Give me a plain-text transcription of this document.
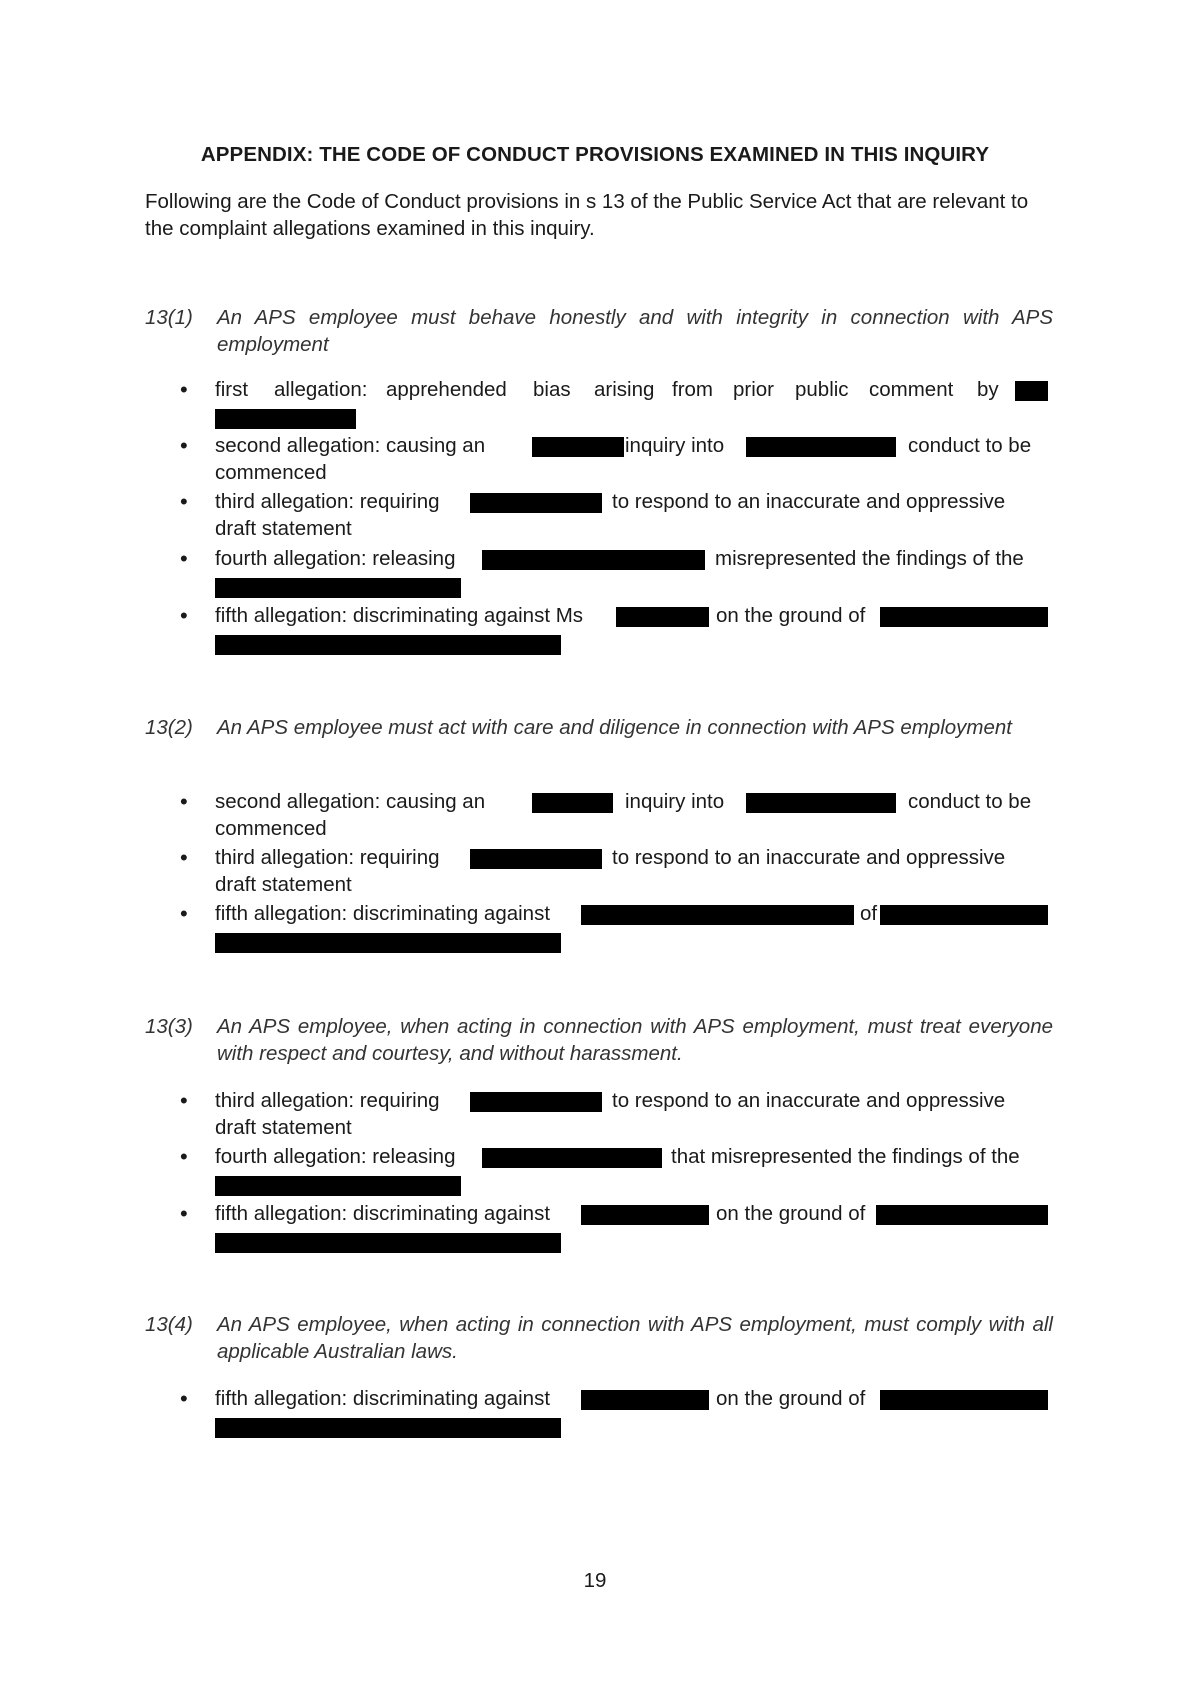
APPENDIX: THE CODE OF CONDUCT PROVISIONS EXAMINED IN THIS INQUIRY
Following are the Code of Conduct provisions in s 13 of the Public Service Act that are relevant to the complaint allegations examined in this inquiry.
13(1) An APS employee must behave honestly and with integrity in connection with APS employment
• first allegation: apprehended bias arising from prior public comment by
• second allegation: causing an	inquiry into	conduct to be
commenced
• third allegation: requiring	to respond to an inaccurate and oppressive
draft statement
• fourth allegation: releasing	misrepresented the findings of the
• fifth allegation: discriminating against Ms	on the ground of
13(2) An APS employee must act with care and diligence in connection with APS employment
• second allegation: causing an	inquiry into	conduct to be
commenced
• third allegation: requiring	to respond to an inaccurate and oppressive
draft statement
• fifth allegation: discriminating against	of
13(3) An APS employee, when acting in connection with APS employment, must treat everyone with respect and courtesy, and without harassment.
• third allegation: requiring	to respond to an inaccurate and oppressive
draft statement
• fourth allegation: releasing	that misrepresented the findings of the
• fifth allegation: discriminating against	on the ground of
13(4) An APS employee, when acting in connection with APS employment, must comply with all applicable Australian laws.
• fifth allegation: discriminating against	on the ground of
19
